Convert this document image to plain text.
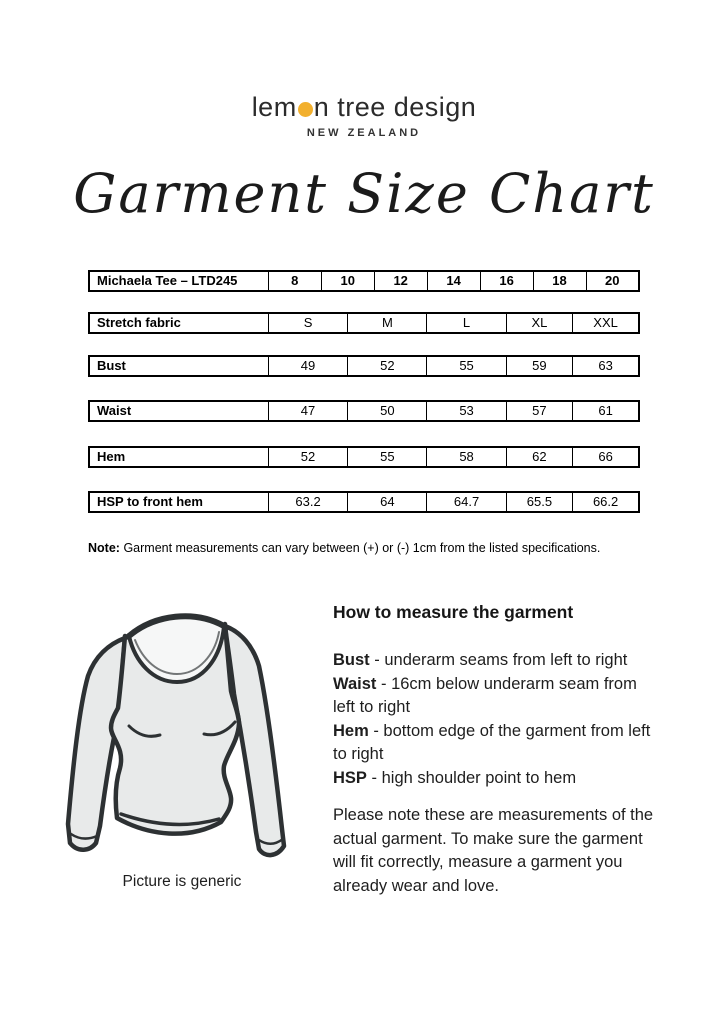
lem n tree design
NEW ZEALAND
Garment Size Chart
Michaela Tee – LTD245	8	10	12	14	16	18	20
Stretch fabric	S	M	L	XL	XXL
Bust	49	52	55	59	63
Waist	47	50	53	57	61
Hem	52	55	58	62	66
HSP to front hem	63.2	64	64.7	65.5	66.2

Note: Garment measurements can vary between (+) or (-) 1cm from the listed specifications.

Picture is generic
How to measure the garment

Bust - underarm seams from left to right

Waist - 16cm below underarm seam from left to right

Hem - bottom edge of the garment from left to right

HSP - high shoulder point to hem

Please note these are measurements of the actual garment. To make sure the garment will fit correctly, measure a garment you already wear and love.
